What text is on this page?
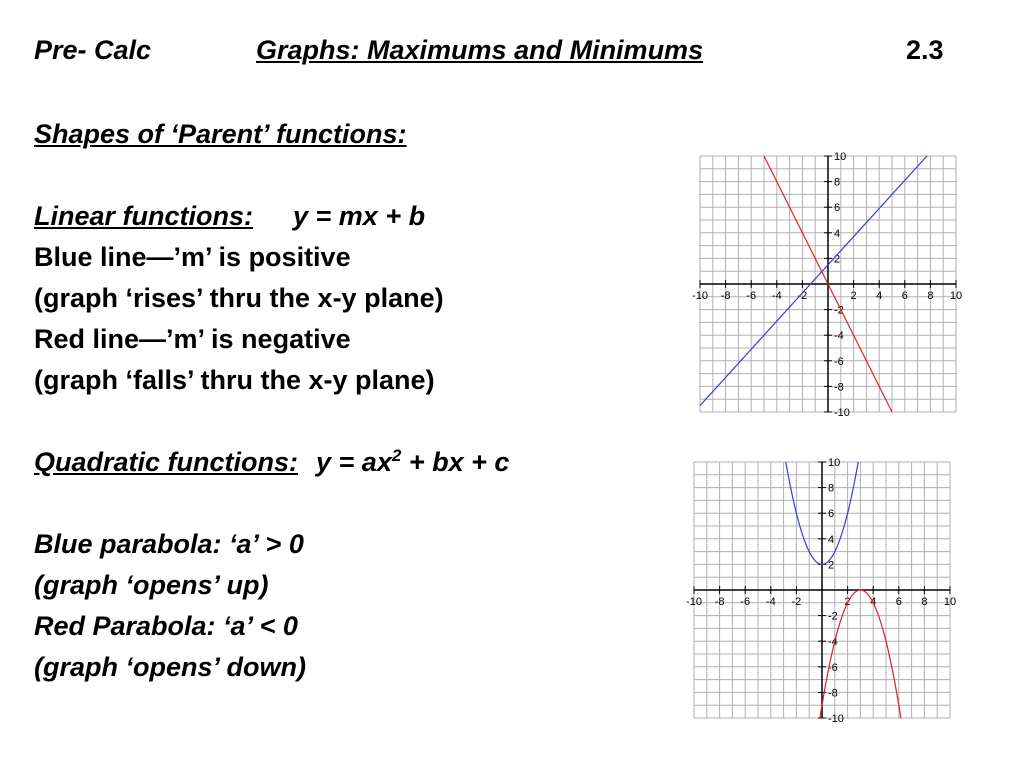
Pre- Calc	Graphs: Maximums and Minimums	2.3
Shapes of ‘Parent’ functions:
Linear functions: y = mx + b
Blue line—’m’ is positive
(graph ‘rises’ thru the x-y plane)
Red line—’m’ is negative
(graph ‘falls’ thru the x-y plane)
Quadratic functions: $y = ax^2$ + bx + c
Blue parabola: ‘a’ > 0
(graph ‘opens’ up)
Red Parabola: ‘a’ < 0
(graph ‘opens’ down)
-10 -8 -6 -4 -2	2 4 6 8 10
10
8
6
4
2
-2
-4
-6
-8
-10
-10 -8 -6 -4 -2	2 4 6 8 10
10
8
6
4
2
-2
-4
-6
-8
-10
